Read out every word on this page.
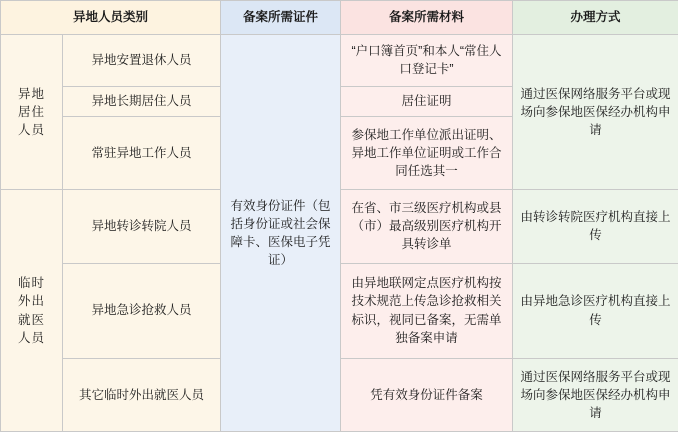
异地人员类别		备案所需证件	备案所需材料	办理方式
异地
居住
人员	异地安置退休人员	有效身份证件（包括身份证或社会保障卡、医保电子凭证）	“户口簿首页”和本人“常住人口登记卡”	通过医保网络服务平台或现场向参保地医保经办机构申请
	异地长期居住人员		居住证明	
	常驻异地工作人员		参保地工作单位派出证明、异地工作单位证明或工作合同任选其一	
临时
外出
就医
人员	异地转诊转院人员		在省、市三级医疗机构或县（市）最高级别医疗机构开具转诊单	由转诊转院医疗机构直接上传
	异地急诊抢救人员		由异地联网定点医疗机构按技术规范上传急诊抢救相关标识，视同已备案，无需单独备案申请	由异地急诊医疗机构直接上传
	其它临时外出就医人员		凭有效身份证件备案	通过医保网络服务平台或现场向参保地医保经办机构申请
